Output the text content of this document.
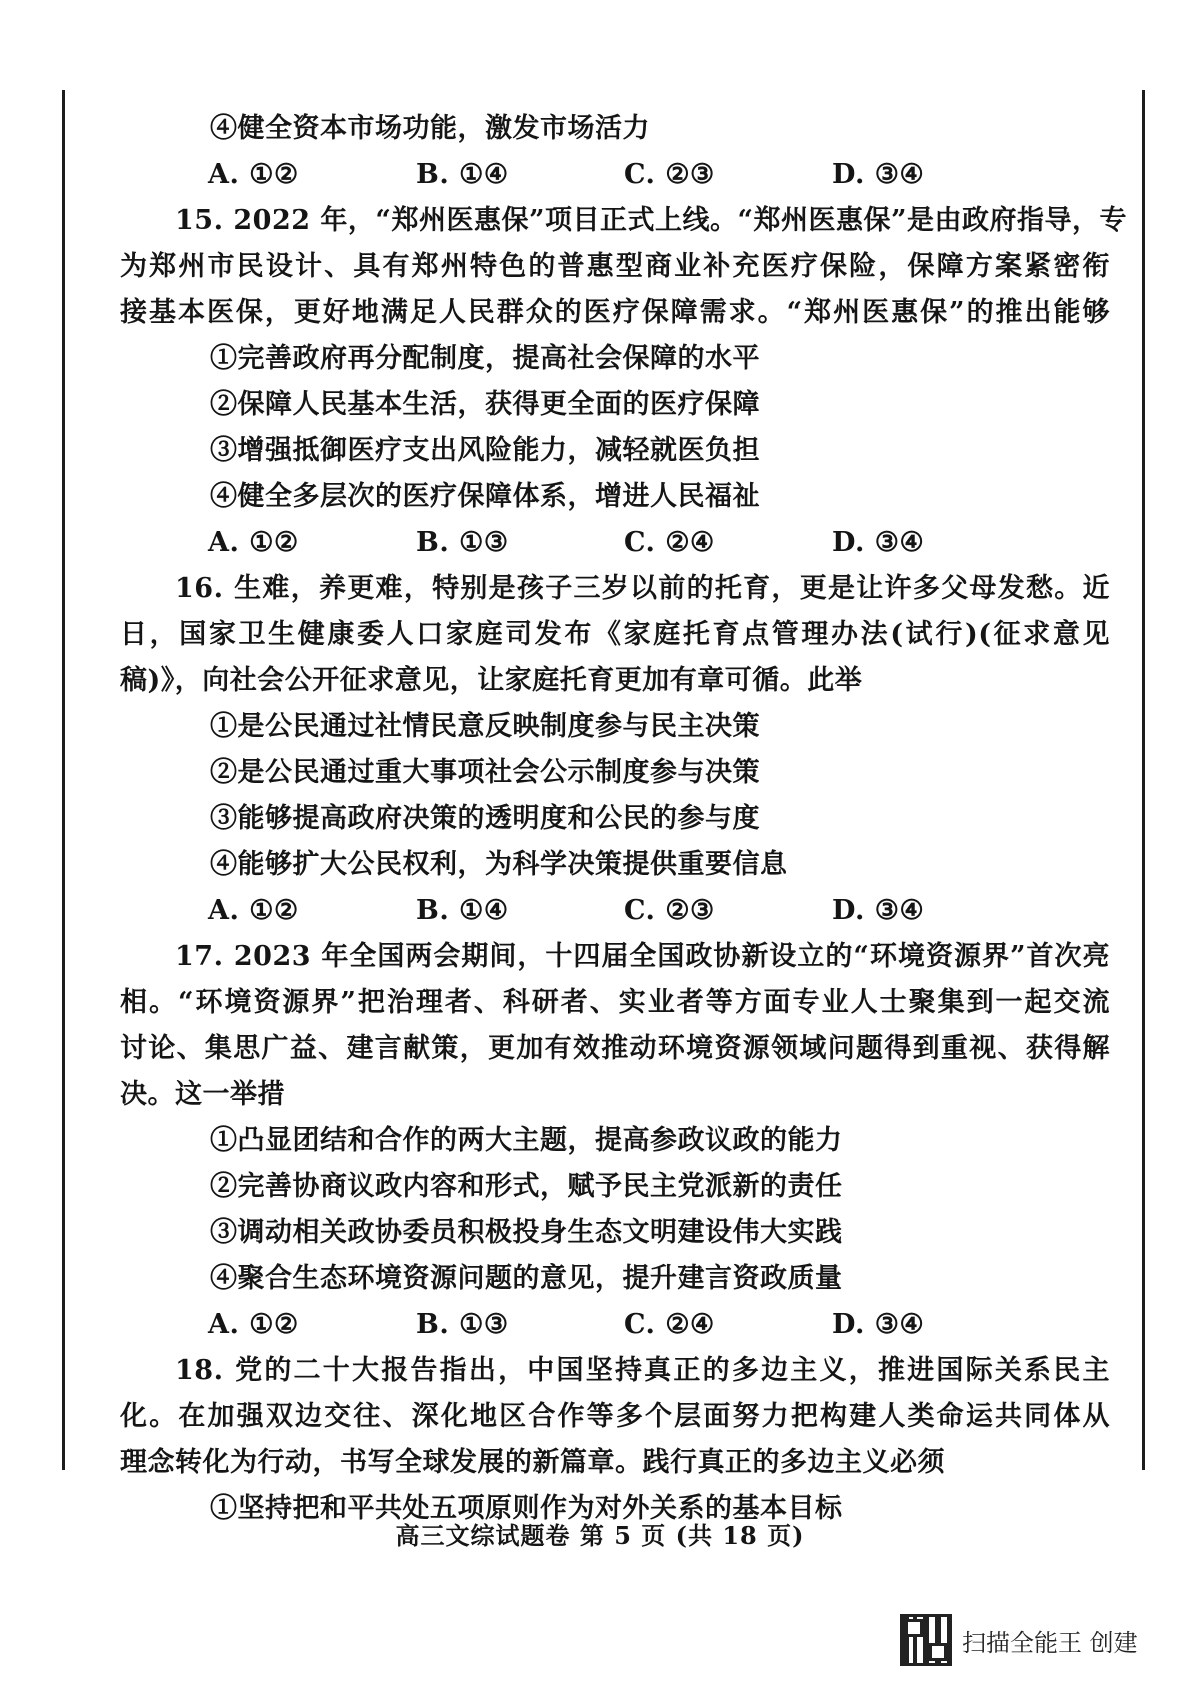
④健全资本市场功能，激发市场活力
A. ①②	B. ①④	C. ②③	D. ③④
15. 2022 年，“郑州医惠保”项目正式上线。“郑州医惠保”是由政府指导，专
为郑州市民设计、具有郑州特色的普惠型商业补充医疗保险，保障方案紧密衔
接基本医保，更好地满足人民群众的医疗保障需求。“郑州医惠保”的推出能够
①完善政府再分配制度，提高社会保障的水平
②保障人民基本生活，获得更全面的医疗保障
③增强抵御医疗支出风险能力，减轻就医负担
④健全多层次的医疗保障体系，增进人民福祉
A. ①②	B. ①③	C. ②④	D. ③④
16. 生难，养更难，特别是孩子三岁以前的托育，更是让许多父母发愁。近
日，国家卫生健康委人口家庭司发布《家庭托育点管理办法(试行)(征求意见
稿)》，向社会公开征求意见，让家庭托育更加有章可循。此举
①是公民通过社情民意反映制度参与民主决策
②是公民通过重大事项社会公示制度参与决策
③能够提高政府决策的透明度和公民的参与度
④能够扩大公民权利，为科学决策提供重要信息
A. ①②	B. ①④	C. ②③	D. ③④
17. 2023 年全国两会期间，十四届全国政协新设立的“环境资源界”首次亮
相。“环境资源界”把治理者、科研者、实业者等方面专业人士聚集到一起交流
讨论、集思广益、建言献策，更加有效推动环境资源领域问题得到重视、获得解
决。这一举措
①凸显团结和合作的两大主题，提高参政议政的能力
②完善协商议政内容和形式，赋予民主党派新的责任
③调动相关政协委员积极投身生态文明建设伟大实践
④聚合生态环境资源问题的意见，提升建言资政质量
A. ①②	B. ①③	C. ②④	D. ③④
18. 党的二十大报告指出，中国坚持真正的多边主义，推进国际关系民主
化。在加强双边交往、深化地区合作等多个层面努力把构建人类命运共同体从
理念转化为行动，书写全球发展的新篇章。践行真正的多边主义必须
①坚持把和平共处五项原则作为对外关系的基本目标
高三文综试题卷 第 5 页 (共 18 页)
扫描全能王 创建
